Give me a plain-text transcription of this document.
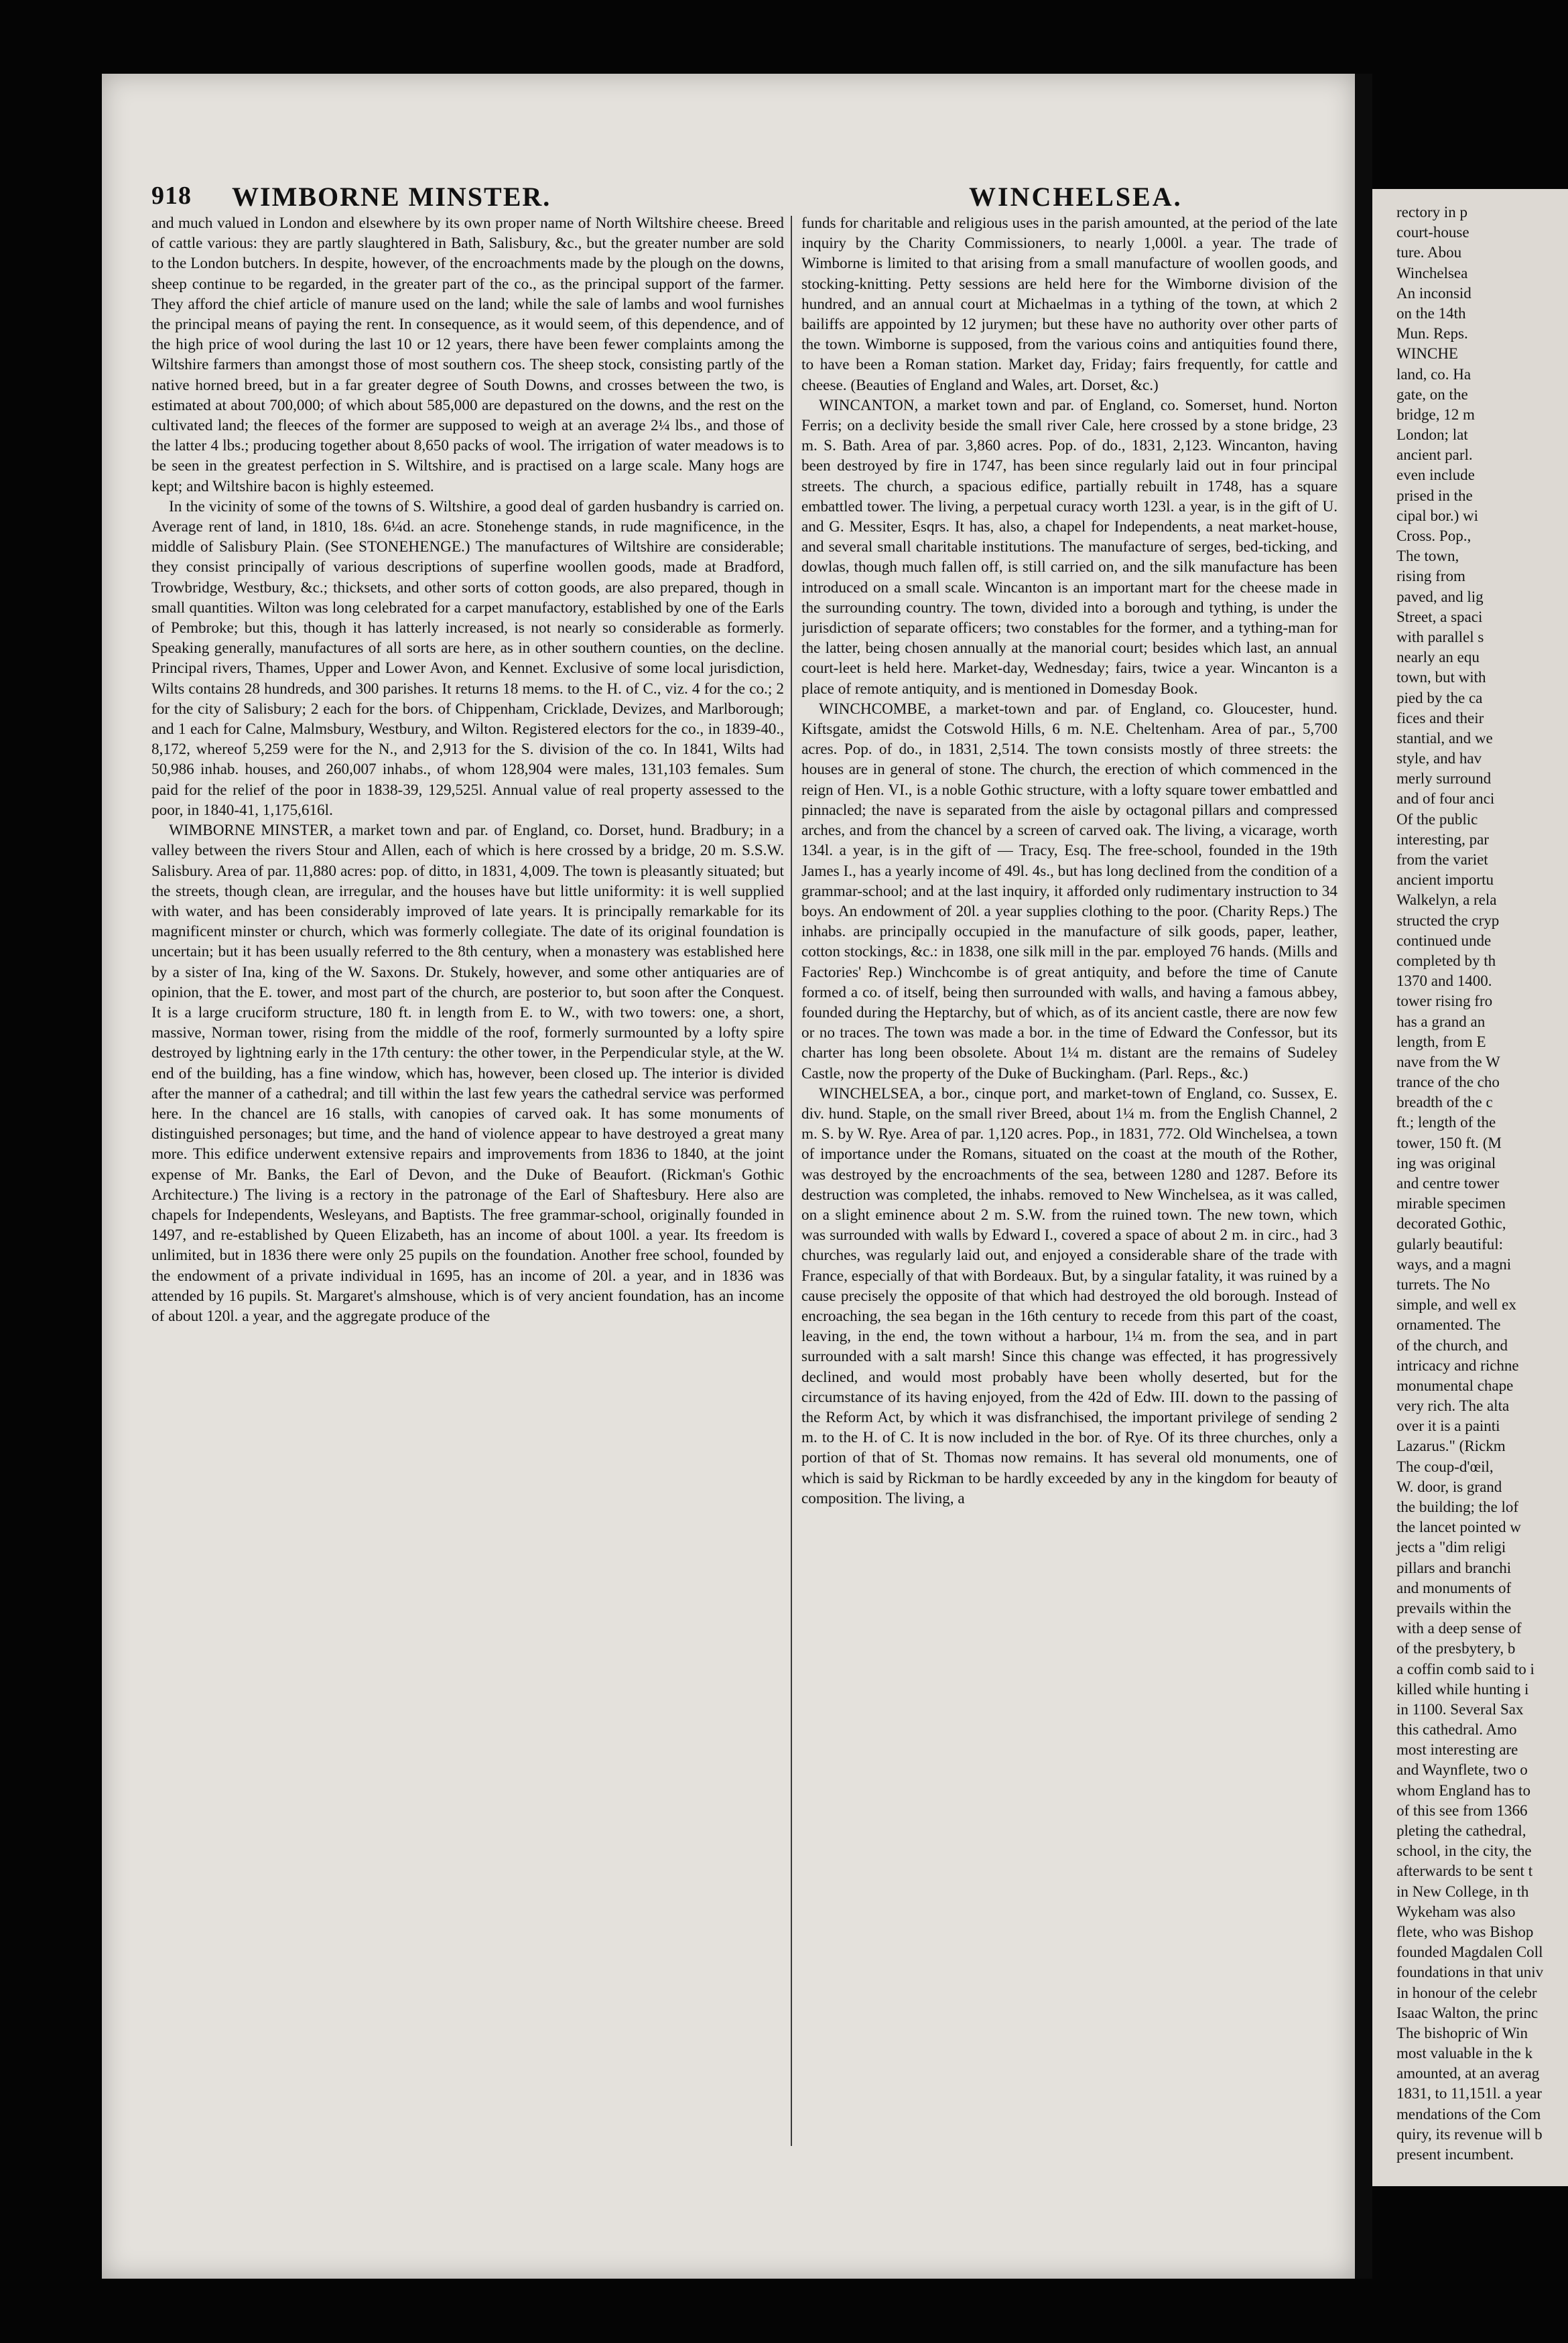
rectory in p
court-house
ture. Abou
Winchelsea
An inconsid
on the 14th
Mun. Reps.
WINCHE
land, co. Ha
gate, on the
bridge, 12 m
London; lat
ancient parl.
even include
prised in the
cipal bor.) wi
Cross. Pop.,
The town,
rising from
paved, and lig
Street, a spaci
with parallel s
nearly an equ
town, but with
pied by the ca
fices and their
stantial, and we
style, and hav
merly surround
and of four anci
Of the public
interesting, par
from the variet
ancient importu
Walkelyn, a rela
structed the cryp
continued unde
completed by th
1370 and 1400.
tower rising fro
has a grand an
length, from E
nave from the W
trance of the cho
breadth of the c
ft.; length of the
tower, 150 ft. (M
ing was original
and centre tower
mirable specimen
decorated Gothic,
gularly beautiful:
ways, and a magni
turrets. The No
simple, and well ex
ornamented. The
of the church, and
intricacy and richne
monumental chape
very rich. The alta
over it is a painti
Lazarus." (Rickm
The coup-d'œil,
W. door, is grand
the building; the lof
the lancet pointed w
jects a "dim religi
pillars and branchi
and monuments of
prevails within the
with a deep sense of
of the presbytery, b
a coffin comb said to i
killed while hunting i
in 1100. Several Sax
this cathedral. Amo
most interesting are
and Waynflete, two o
whom England has to
of this see from 1366
pleting the cathedral,
school, in the city, the
afterwards to be sent t
in New College, in th
Wykeham was also
flete, who was Bishop
founded Magdalen Coll
foundations in that univ
in honour of the celebr
Isaac Walton, the princ
The bishopric of Win
most valuable in the k
amounted, at an averag
1831, to 11,151l. a year
mendations of the Com
quiry, its revenue will b
present incumbent.
918 WIMBORNE MINSTER.	WINCHELSEA.

and much valued in London and elsewhere by its own proper name of North Wiltshire cheese. Breed of cattle various: they are partly slaughtered in Bath, Salisbury, &c., but the greater number are sold to the London butchers. In despite, however, of the encroachments made by the plough on the downs, sheep continue to be regarded, in the greater part of the co., as the principal support of the farmer. They afford the chief article of manure used on the land; while the sale of lambs and wool furnishes the principal means of paying the rent. In consequence, as it would seem, of this dependence, and of the high price of wool during the last 10 or 12 years, there have been fewer complaints among the Wiltshire farmers than amongst those of most southern cos. The sheep stock, consisting partly of the native horned breed, but in a far greater degree of South Downs, and crosses between the two, is estimated at about 700,000; of which about 585,000 are depastured on the downs, and the rest on the cultivated land; the fleeces of the former are supposed to weigh at an average 2¼ lbs., and those of the latter 4 lbs.; producing together about 8,650 packs of wool. The irrigation of water meadows is to be seen in the greatest perfection in S. Wiltshire, and is practised on a large scale. Many hogs are kept; and Wiltshire bacon is highly esteemed.

In the vicinity of some of the towns of S. Wiltshire, a good deal of garden husbandry is carried on. Average rent of land, in 1810, 18s. 6¼d. an acre. Stonehenge stands, in rude magnificence, in the middle of Salisbury Plain. (See STONEHENGE.) The manufactures of Wiltshire are considerable; they consist principally of various descriptions of superfine woollen goods, made at Bradford, Trowbridge, Westbury, &c.; thicksets, and other sorts of cotton goods, are also prepared, though in small quantities. Wilton was long celebrated for a carpet manufactory, established by one of the Earls of Pembroke; but this, though it has latterly increased, is not nearly so considerable as formerly. Speaking generally, manufactures of all sorts are here, as in other southern counties, on the decline. Principal rivers, Thames, Upper and Lower Avon, and Kennet. Exclusive of some local jurisdiction, Wilts contains 28 hundreds, and 300 parishes. It returns 18 mems. to the H. of C., viz. 4 for the co.; 2 for the city of Salisbury; 2 each for the bors. of Chippenham, Cricklade, Devizes, and Marlborough; and 1 each for Calne, Malmsbury, Westbury, and Wilton. Registered electors for the co., in 1839-40., 8,172, whereof 5,259 were for the N., and 2,913 for the S. division of the co. In 1841, Wilts had 50,986 inhab. houses, and 260,007 inhabs., of whom 128,904 were males, 131,103 females. Sum paid for the relief of the poor in 1838-39, 129,525l. Annual value of real property assessed to the poor, in 1840-41, 1,175,616l.

WIMBORNE MINSTER, a market town and par. of England, co. Dorset, hund. Bradbury; in a valley between the rivers Stour and Allen, each of which is here crossed by a bridge, 20 m. S.S.W. Salisbury. Area of par. 11,880 acres: pop. of ditto, in 1831, 4,009. The town is pleasantly situated; but the streets, though clean, are irregular, and the houses have but little uniformity: it is well supplied with water, and has been considerably improved of late years. It is principally remarkable for its magnificent minster or church, which was formerly collegiate. The date of its original foundation is uncertain; but it has been usually referred to the 8th century, when a monastery was established here by a sister of Ina, king of the W. Saxons. Dr. Stukely, however, and some other antiquaries are of opinion, that the E. tower, and most part of the church, are posterior to, but soon after the Conquest. It is a large cruciform structure, 180 ft. in length from E. to W., with two towers: one, a short, massive, Norman tower, rising from the middle of the roof, formerly surmounted by a lofty spire destroyed by lightning early in the 17th century: the other tower, in the Perpendicular style, at the W. end of the building, has a fine window, which has, however, been closed up. The interior is divided after the manner of a cathedral; and till within the last few years the cathedral service was performed here. In the chancel are 16 stalls, with canopies of carved oak. It has some monuments of distinguished personages; but time, and the hand of violence appear to have destroyed a great many more. This edifice underwent extensive repairs and improvements from 1836 to 1840, at the joint expense of Mr. Banks, the Earl of Devon, and the Duke of Beaufort. (Rickman's Gothic Architecture.) The living is a rectory in the patronage of the Earl of Shaftesbury. Here also are chapels for Independents, Wesleyans, and Baptists. The free grammar-school, originally founded in 1497, and re-established by Queen Elizabeth, has an income of about 100l. a year. Its freedom is unlimited, but in 1836 there were only 25 pupils on the foundation. Another free school, founded by the endowment of a private individual in 1695, has an income of 20l. a year, and in 1836 was attended by 16 pupils. St. Margaret's almshouse, which is of very ancient foundation, has an income of about 120l. a year, and the aggregate produce of the

funds for charitable and religious uses in the parish amounted, at the period of the late inquiry by the Charity Commissioners, to nearly 1,000l. a year. The trade of Wimborne is limited to that arising from a small manufacture of woollen goods, and stocking-knitting. Petty sessions are held here for the Wimborne division of the hundred, and an annual court at Michaelmas in a tything of the town, at which 2 bailiffs are appointed by 12 jurymen; but these have no authority over other parts of the town. Wimborne is supposed, from the various coins and antiquities found there, to have been a Roman station. Market day, Friday; fairs frequently, for cattle and cheese. (Beauties of England and Wales, art. Dorset, &c.)

WINCANTON, a market town and par. of England, co. Somerset, hund. Norton Ferris; on a declivity beside the small river Cale, here crossed by a stone bridge, 23 m. S. Bath. Area of par. 3,860 acres. Pop. of do., 1831, 2,123. Wincanton, having been destroyed by fire in 1747, has been since regularly laid out in four principal streets. The church, a spacious edifice, partially rebuilt in 1748, has a square embattled tower. The living, a perpetual curacy worth 123l. a year, is in the gift of U. and G. Messiter, Esqrs. It has, also, a chapel for Independents, a neat market-house, and several small charitable institutions. The manufacture of serges, bed-ticking, and dowlas, though much fallen off, is still carried on, and the silk manufacture has been introduced on a small scale. Wincanton is an important mart for the cheese made in the surrounding country. The town, divided into a borough and tything, is under the jurisdiction of separate officers; two constables for the former, and a tything-man for the latter, being chosen annually at the manorial court; besides which last, an annual court-leet is held here. Market-day, Wednesday; fairs, twice a year. Wincanton is a place of remote antiquity, and is mentioned in Domesday Book.

WINCHCOMBE, a market-town and par. of England, co. Gloucester, hund. Kiftsgate, amidst the Cotswold Hills, 6 m. N.E. Cheltenham. Area of par., 5,700 acres. Pop. of do., in 1831, 2,514. The town consists mostly of three streets: the houses are in general of stone. The church, the erection of which commenced in the reign of Hen. VI., is a noble Gothic structure, with a lofty square tower embattled and pinnacled; the nave is separated from the aisle by octagonal pillars and compressed arches, and from the chancel by a screen of carved oak. The living, a vicarage, worth 134l. a year, is in the gift of — Tracy, Esq. The free-school, founded in the 19th James I., has a yearly income of 49l. 4s., but has long declined from the condition of a grammar-school; and at the last inquiry, it afforded only rudimentary instruction to 34 boys. An endowment of 20l. a year supplies clothing to the poor. (Charity Reps.) The inhabs. are principally occupied in the manufacture of silk goods, paper, leather, cotton stockings, &c.: in 1838, one silk mill in the par. employed 76 hands. (Mills and Factories' Rep.) Winchcombe is of great antiquity, and before the time of Canute formed a co. of itself, being then surrounded with walls, and having a famous abbey, founded during the Heptarchy, but of which, as of its ancient castle, there are now few or no traces. The town was made a bor. in the time of Edward the Confessor, but its charter has long been obsolete. About 1¼ m. distant are the remains of Sudeley Castle, now the property of the Duke of Buckingham. (Parl. Reps., &c.)

WINCHELSEA, a bor., cinque port, and market-town of England, co. Sussex, E. div. hund. Staple, on the small river Breed, about 1¼ m. from the English Channel, 2 m. S. by W. Rye. Area of par. 1,120 acres. Pop., in 1831, 772. Old Winchelsea, a town of importance under the Romans, situated on the coast at the mouth of the Rother, was destroyed by the encroachments of the sea, between 1280 and 1287. Before its destruction was completed, the inhabs. removed to New Winchelsea, as it was called, on a slight eminence about 2 m. S.W. from the ruined town. The new town, which was surrounded with walls by Edward I., covered a space of about 2 m. in circ., had 3 churches, was regularly laid out, and enjoyed a considerable share of the trade with France, especially of that with Bordeaux. But, by a singular fatality, it was ruined by a cause precisely the opposite of that which had destroyed the old borough. Instead of encroaching, the sea began in the 16th century to recede from this part of the coast, leaving, in the end, the town without a harbour, 1¼ m. from the sea, and in part surrounded with a salt marsh! Since this change was effected, it has progressively declined, and would most probably have been wholly deserted, but for the circumstance of its having enjoyed, from the 42d of Edw. III. down to the passing of the Reform Act, by which it was disfranchised, the important privilege of sending 2 m. to the H. of C. It is now included in the bor. of Rye. Of its three churches, only a portion of that of St. Thomas now remains. It has several old monuments, one of which is said by Rickman to be hardly exceeded by any in the kingdom for beauty of composition. The living, a
